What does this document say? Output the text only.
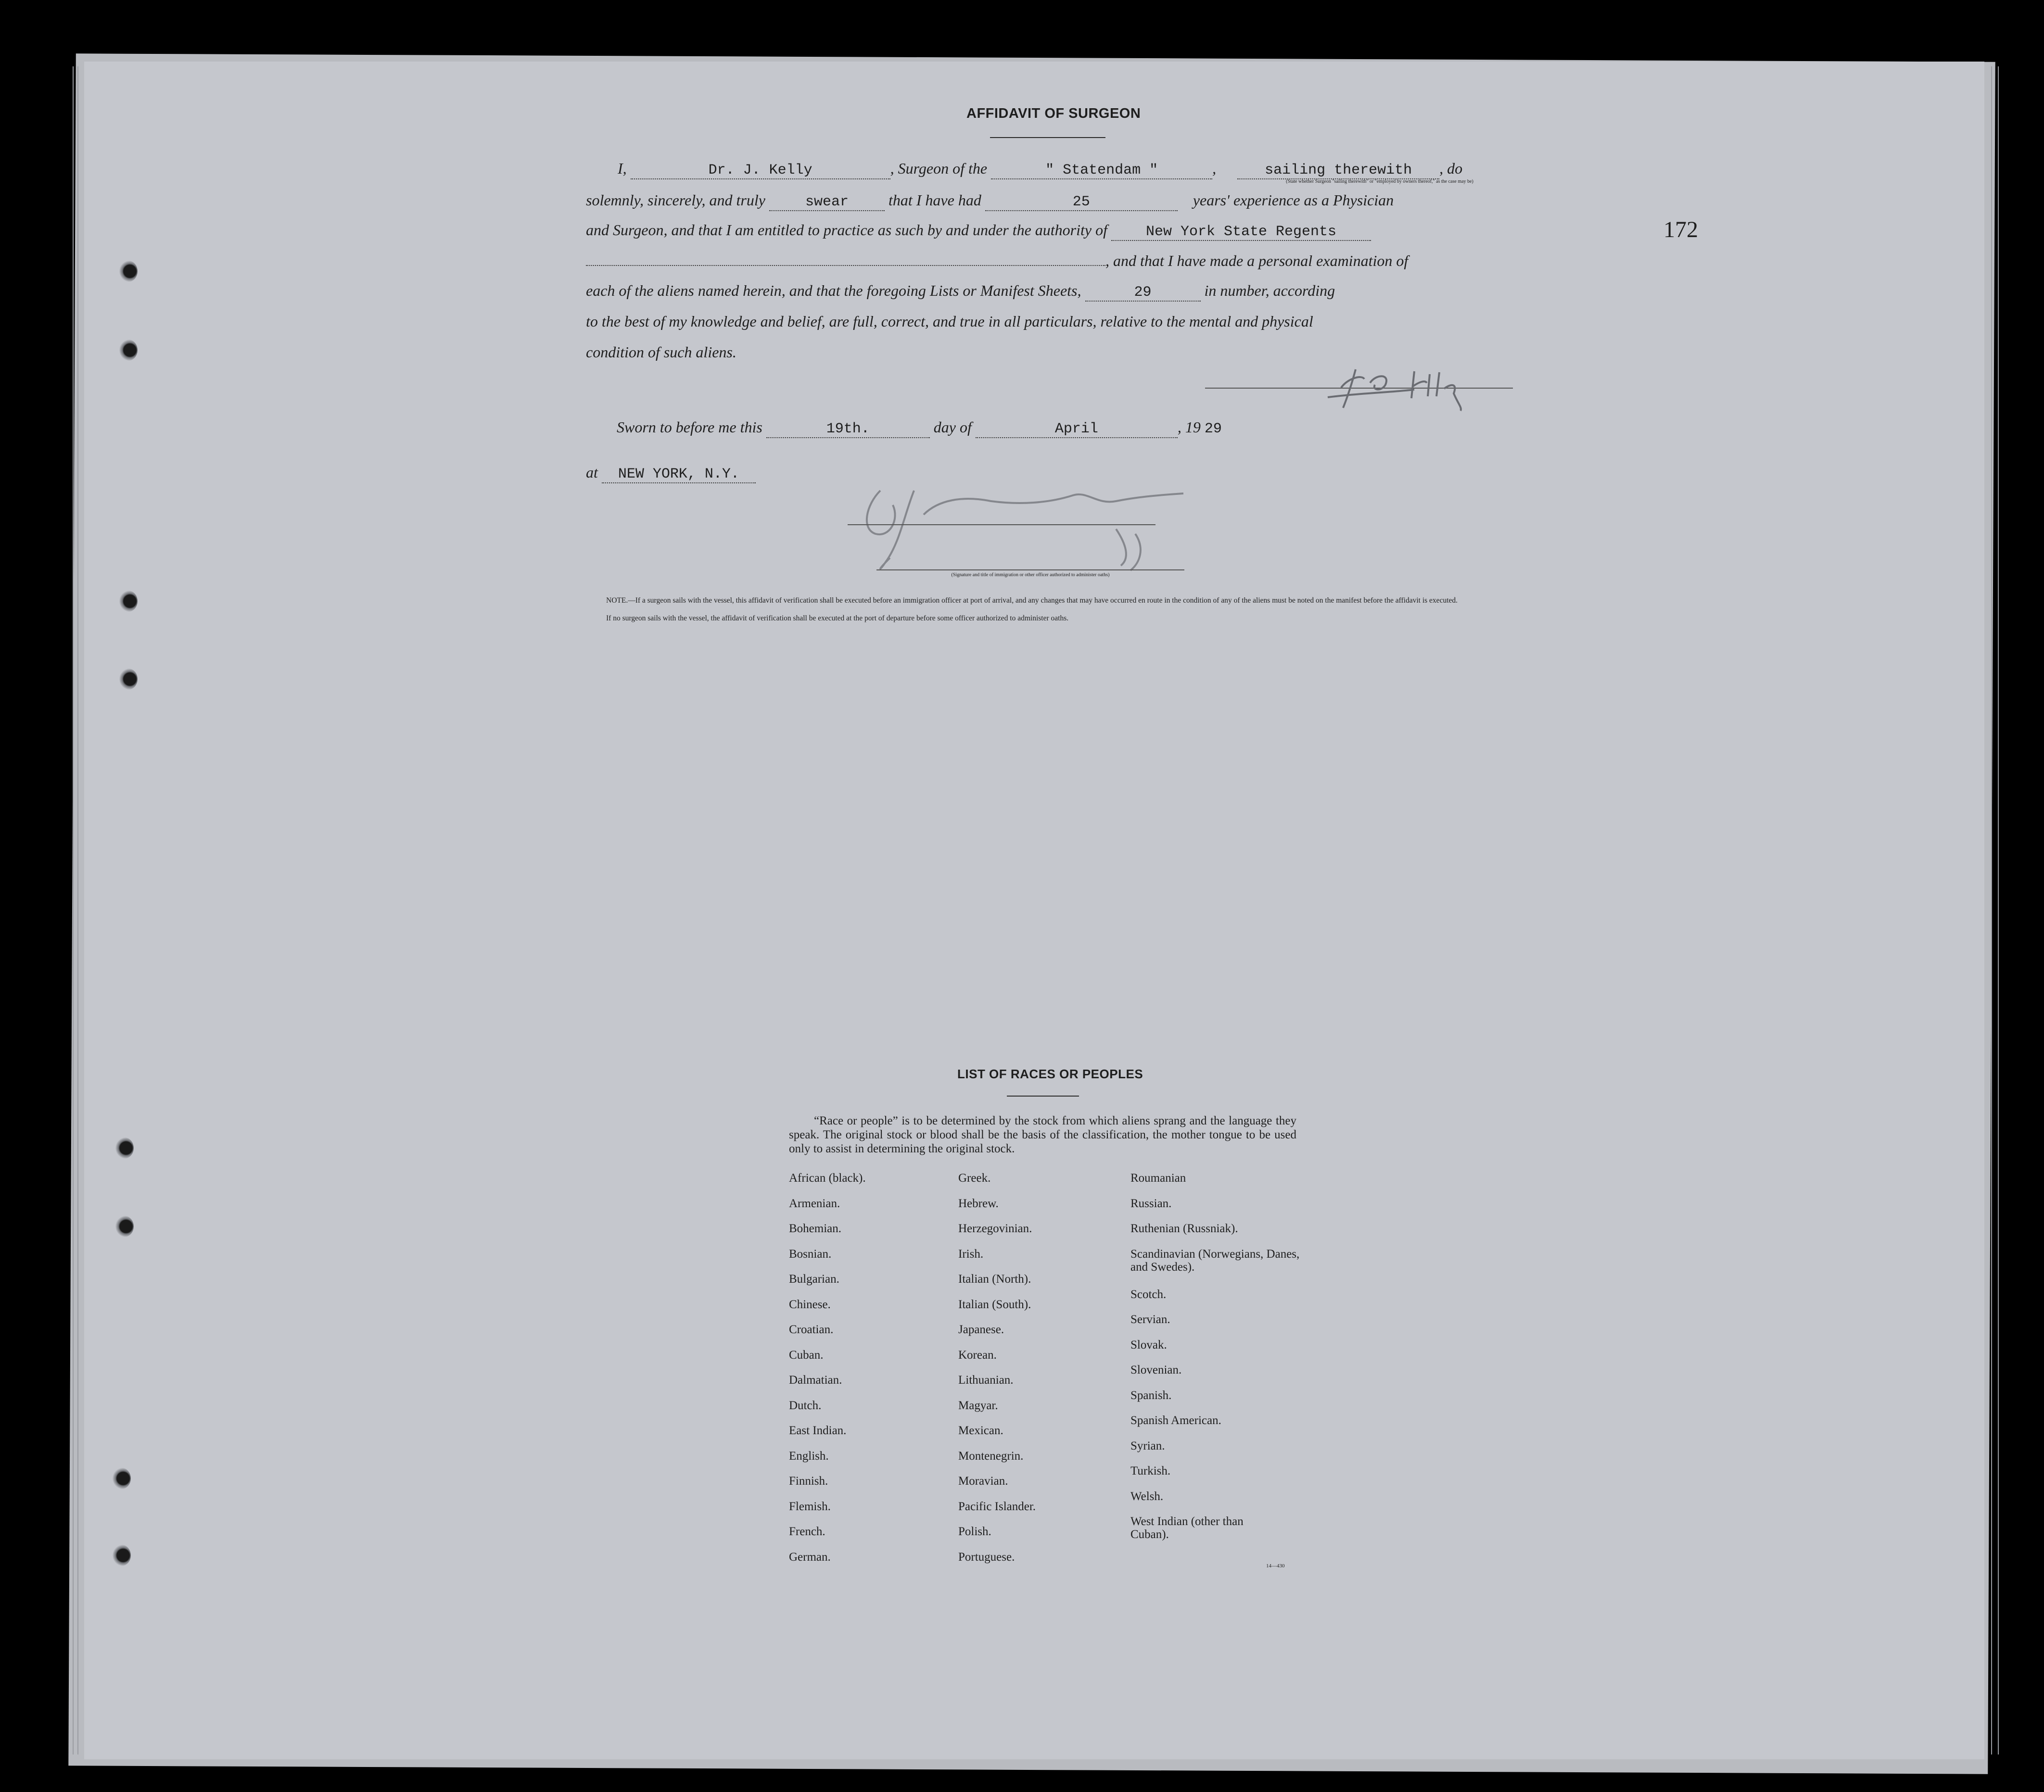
172
AFFIDAVIT OF SURGEON
I,	Dr. J. Kelly	, Surgeon of the	" Statendam "	,	sailing therewith , do
(State whether Surgeon "sailing therewith" or "employed by owners thereof," as the case may be)
solemnly, sincerely, and truly	swear	that I have had	25	years' experience as a Physician
and Surgeon, and that I am entitled to practice as such by and under the authority of	New York State Regents
, and that I have made a personal examination of
each of the aliens named herein, and that the foregoing Lists or Manifest Sheets,	29	in number, according
to the best of my knowledge and belief, are full, correct, and true in all particulars, relative to the mental and physical
condition of such aliens.
Sworn to before me this	19th.	day of	April	, 19 29
at NEW YORK, N.Y.
(Signature and title of immigration or other officer authorized to administer oaths)
NOTE.—If a surgeon sails with the vessel, this affidavit of verification shall be executed before an immigration officer at port of arrival, and any changes that may have occurred en route in the condition of any of the aliens must be noted on the manifest before the affidavit is executed.
If no surgeon sails with the vessel, the affidavit of verification shall be executed at the port of departure before some officer authorized to administer oaths.
LIST OF RACES OR PEOPLES
“Race or people” is to be determined by the stock from which aliens sprang and the language they speak. The original stock or blood shall be the basis of the classification, the mother tongue to be used only to assist in determining the original stock.
African (black).
Armenian.
Bohemian.
Bosnian.
Bulgarian.
Chinese.
Croatian.
Cuban.
Dalmatian.
Dutch.
East Indian.
English.
Finnish.
Flemish.
French.
German.
Greek.
Hebrew.
Herzegovinian.
Irish.
Italian (North).
Italian (South).
Japanese.
Korean.
Lithuanian.
Magyar.
Mexican.
Montenegrin.
Moravian.
Pacific Islander.
Polish.
Portuguese.
Roumanian
Russian.
Ruthenian (Russniak).
Scandinavian (Norwegians, Danes, and Swedes).
Scotch.
Servian.
Slovak.
Slovenian.
Spanish.
Spanish American.
Syrian.
Turkish.
Welsh.
West Indian (other than Cuban).
14—430
